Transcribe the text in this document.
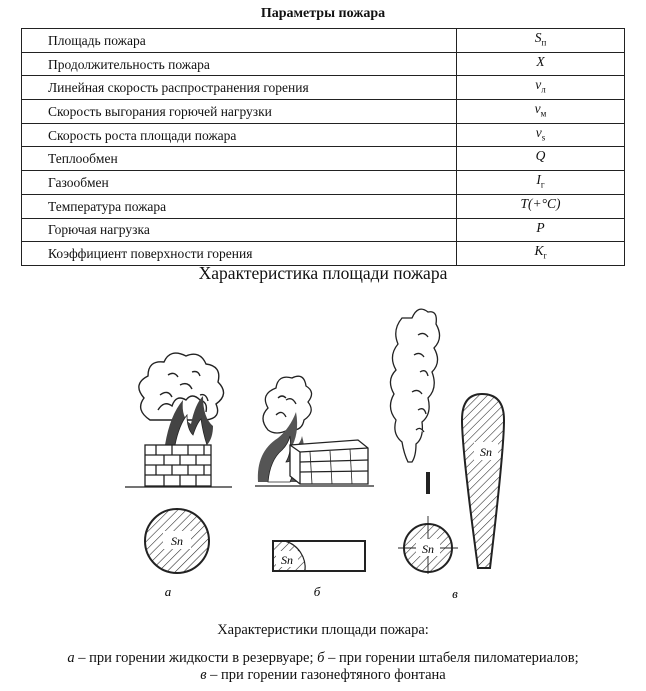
Параметры пожара
Площадь пожара	$S_п$
Продолжительность пожара	X
Линейная скорость распространения горения	$v_л$
Скорость выгорания горючей нагрузки	$v_м$
Скорость роста площади пожара	$v_s$
Теплообмен	Q
Газообмен	$I_г$
Температура пожара	T(+°C)
Горючая нагрузка	P
Коэффициент поверхности горения	$K_r$
Характеристика площади пожара
Sп
а
Sп
б
Sп
Sп
в
Характеристики площади пожара:
а – при горении жидкости в резервуаре; б – при горении штабеля пиломатериалов;
в – при горении газонефтяного фонтана
